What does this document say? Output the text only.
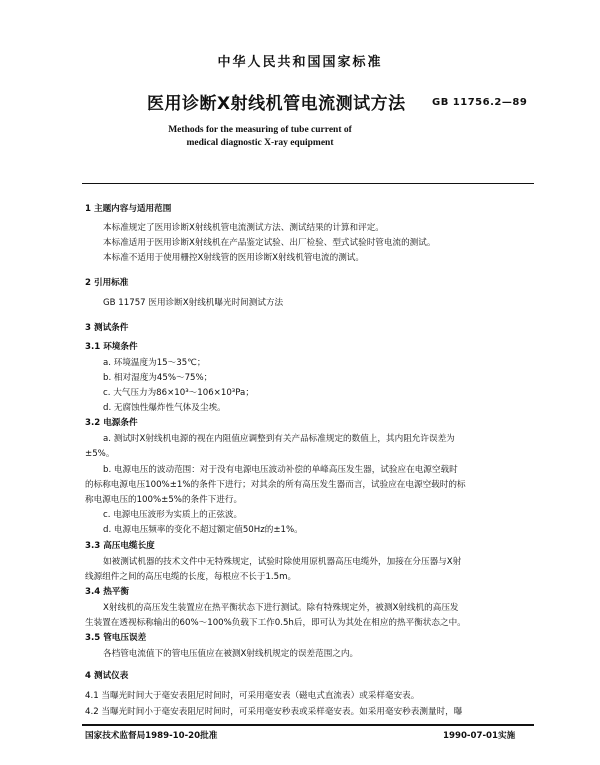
中华人民共和国国家标准
医用诊断X射线机管电流测试方法	GB 11756.2—89
Methods for the measuring of tube current of
medical diagnostic X-ray equipment
1 主题内容与适用范围
本标准规定了医用诊断X射线机管电流测试方法、测试结果的计算和评定。
本标准适用于医用诊断X射线机在产品鉴定试验、出厂检验、型式试验时管电流的测试。
本标准不适用于使用栅控X射线管的医用诊断X射线机管电流的测试。
2 引用标准
GB 11757 医用诊断X射线机曝光时间测试方法
3 测试条件
3.1 环境条件
a. 环境温度为15～35℃；
b. 相对湿度为45%～75%；
c. 大气压力为86×10³～106×10³Pa；
d. 无腐蚀性爆炸性气体及尘埃。
3.2 电源条件
a. 测试时X射线机电源的视在内阻值应调整到有关产品标准规定的数值上，其内阻允许误差为
±5%。
b. 电源电压的波动范围：对于没有电源电压波动补偿的单峰高压发生器，试验应在电源空载时
的标称电源电压100%±1%的条件下进行；对其余的所有高压发生器而言，试验应在电源空载时的标
称电源电压的100%±5%的条件下进行。
c. 电源电压波形为实质上的正弦波。
d. 电源电压频率的变化不超过额定值50Hz的±1%。
3.3 高压电缆长度
如被测试机器的技术文件中无特殊规定，试验时除使用原机器高压电缆外，加接在分压器与X射
线源组件之间的高压电缆的长度，每根应不长于1.5m。
3.4 热平衡
X射线机的高压发生装置应在热平衡状态下进行测试。除有特殊规定外，被测X射线机的高压发
生装置在透视标称输出的60%～100%负载下工作0.5h后，即可认为其处在相应的热平衡状态之中。
3.5 管电压误差
各档管电流值下的管电压值应在被测X射线机规定的误差范围之内。
4 测试仪表
4.1 当曝光时间大于毫安表阻尼时间时，可采用毫安表（磁电式直流表）或采样毫安表。
4.2 当曝光时间小于毫安表阻尼时间时，可采用毫安秒表或采样毫安表。如采用毫安秒表测量时，曝
国家技术监督局1989-10-20批准	1990-07-01实施
